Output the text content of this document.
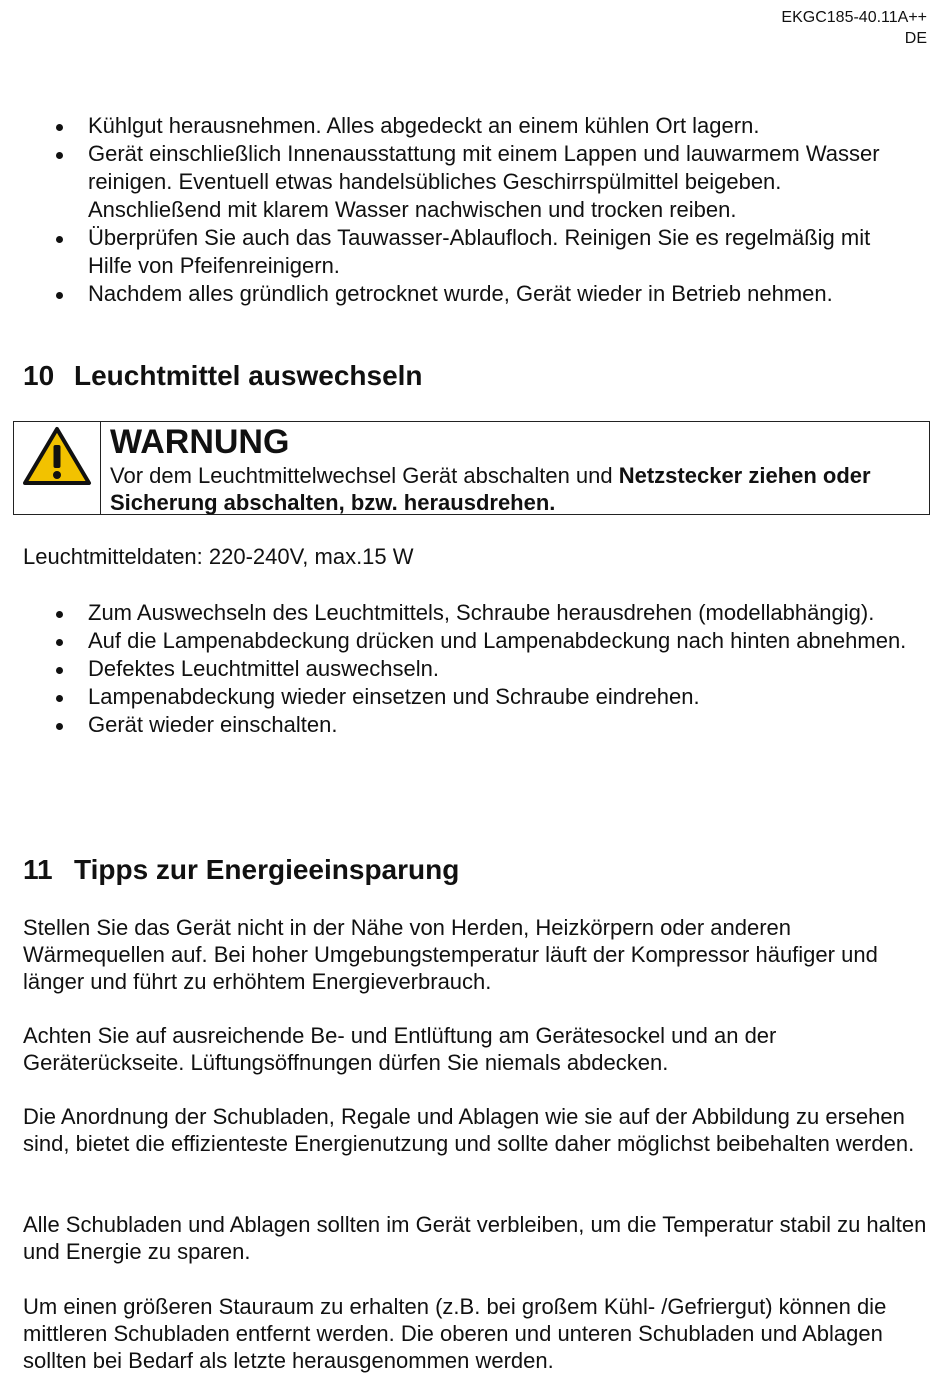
EKGC185-40.11A++
DE
Kühlgut herausnehmen. Alles abgedeckt an einem kühlen Ort lagern.
Gerät einschließlich Innenausstattung mit einem Lappen und lauwarmem Wasser reinigen. Eventuell etwas handelsübliches Geschirrspülmittel beigeben. Anschließend mit klarem Wasser nachwischen und trocken reiben.
Überprüfen Sie auch das Tauwasser-Ablaufloch. Reinigen Sie es regelmäßig mit Hilfe von Pfeifenreinigern.
Nachdem alles gründlich getrocknet wurde, Gerät wieder in Betrieb nehmen.
10 Leuchtmittel auswechseln
WARNUNG
Vor dem Leuchtmittelwechsel Gerät abschalten und Netzstecker ziehen oder Sicherung abschalten, bzw. herausdrehen.

Leuchtmitteldaten: 220-240V, max.15 W

Zum Auswechseln des Leuchtmittels, Schraube herausdrehen (modellabhängig).
Auf die Lampenabdeckung drücken und Lampenabdeckung nach hinten abnehmen.
Defektes Leuchtmittel auswechseln.
Lampenabdeckung wieder einsetzen und Schraube eindrehen.
Gerät wieder einschalten.
11 Tipps zur Energieeinsparung

Stellen Sie das Gerät nicht in der Nähe von Herden, Heizkörpern oder anderen Wärmequellen auf. Bei hoher Umgebungstemperatur läuft der Kompressor häufiger und länger und führt zu erhöhtem Energieverbrauch.

Achten Sie auf ausreichende Be- und Entlüftung am Gerätesockel und an der Geräterückseite. Lüftungsöffnungen dürfen Sie niemals abdecken.

Die Anordnung der Schubladen, Regale und Ablagen wie sie auf der Abbildung zu ersehen sind, bietet die effizienteste Energienutzung und sollte daher möglichst beibehalten werden.

Alle Schubladen und Ablagen sollten im Gerät verbleiben, um die Temperatur stabil zu halten und Energie zu sparen.

Um einen größeren Stauraum zu erhalten (z.B. bei großem Kühl- /Gefriergut) können die mittleren Schubladen entfernt werden. Die oberen und unteren Schubladen und Ablagen sollten bei Bedarf als letzte herausgenommen werden.
